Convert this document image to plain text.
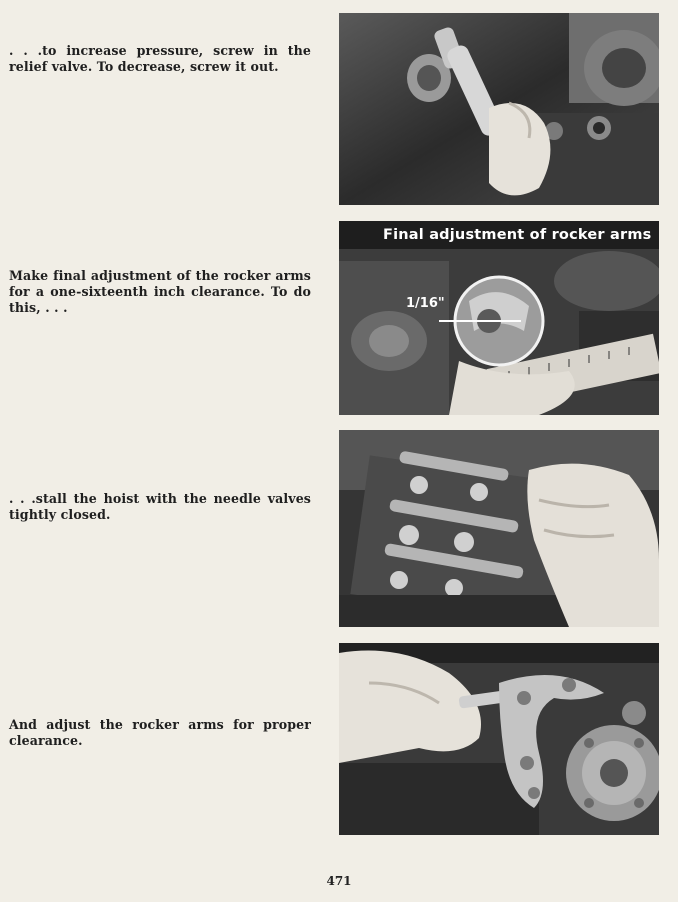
. . .to increase pressure, screw in the relief valve. To decrease, screw it out.
Make final adjustment of the rocker arms for a one-sixteenth inch clearance. To do this, . . .
. . .stall the hoist with the needle valves tightly closed.
And adjust the rocker arms for proper clearance.
Final adjustment of rocker arms
1/16"
471
